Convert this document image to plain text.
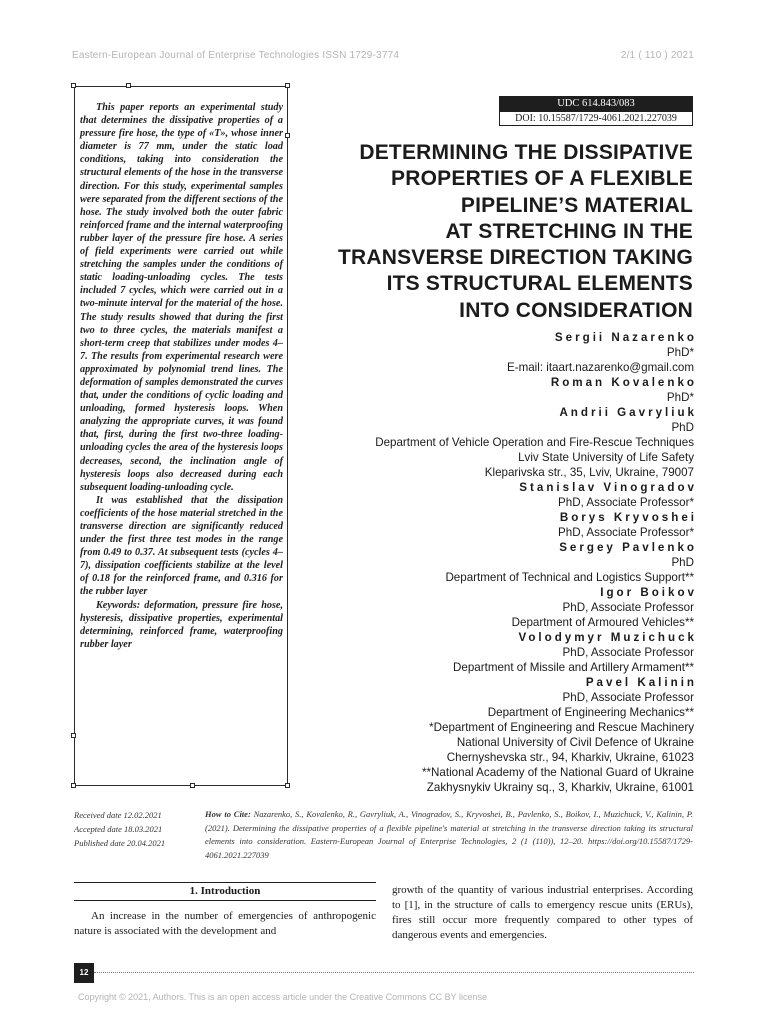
Eastern-European Journal of Enterprise Technologies ISSN 1729-3774	2/1 ( 110 ) 2021

This paper reports an experimental study that determines the dissipative properties of a pressure fire hose, the type of «T», whose inner diameter is 77 mm, under the static load conditions, taking into consideration the structural elements of the hose in the transverse direction. For this study, experimental samples were separated from the different sections of the hose. The study involved both the outer fabric reinforced frame and the internal waterproofing rubber layer of the pressure fire hose. A series of field experiments were carried out while stretching the samples under the conditions of static loading-unloading cycles. The tests included 7 cycles, which were carried out in a two-minute interval for the material of the hose. The study results showed that during the first two to three cycles, the materials manifest a short-term creep that stabilizes under modes 4–7. The results from experimental research were approximated by polynomial trend lines. The deformation of samples demonstrated the curves that, under the conditions of cyclic loading and unloading, formed hysteresis loops. When analyzing the appropriate curves, it was found that, first, during the first two-three loading-unloading cycles the area of the hysteresis loops decreases, second, the inclination angle of hysteresis loops also decreased during each subsequent loading-unloading cycle.

It was established that the dissipation coefficients of the hose material stretched in the transverse direction are significantly reduced under the first three test modes in the range from 0.49 to 0.37. At subsequent tests (cycles 4–7), dissipation coefficients stabilize at the level of 0.18 for the reinforced frame, and 0.316 for the rubber layer

Keywords: deformation, pressure fire hose, hysteresis, dissipative properties, experimental determining, reinforced frame, waterproofing rubber layer

UDC 614.843/083
DOI: 10.15587/1729-4061.2021.227039
DETERMINING THE DISSIPATIVE
PROPERTIES OF A FLEXIBLE
PIPELINE’S MATERIAL
AT STRETCHING IN THE
TRANSVERSE DIRECTION TAKING
ITS STRUCTURAL ELEMENTS
INTO CONSIDERATION
Sergii Nazarenko
PhD*
E-mail: itaart.nazarenko@gmail.com
Roman Kovalenko
PhD*
Andrii Gavryliuk
PhD
Department of Vehicle Operation and Fire-Rescue Techniques
Lviv State University of Life Safety
Kleparivska str., 35, Lviv, Ukraine, 79007
Stanislav Vinogradov
PhD, Associate Professor*
Borys Kryvoshei
PhD, Associate Professor*
Sergey Pavlenko
PhD
Department of Technical and Logistics Support**
Igor Boikov
PhD, Associate Professor
Department of Armoured Vehicles**
Volodymyr Muzichuck
PhD, Associate Professor
Department of Missile and Artillery Armament**
Pavel Kalinin
PhD, Associate Professor
Department of Engineering Mechanics**
*Department of Engineering and Rescue Machinery
National University of Civil Defence of Ukraine
Chernyshevska str., 94, Kharkiv, Ukraine, 61023
**National Academy of the National Guard of Ukraine
Zakhysnykiv Ukrainy sq., 3, Kharkiv, Ukraine, 61001
Received date 12.02.2021
Accepted date 18.03.2021
Published date 20.04.2021
How to Cite: Nazarenko, S., Kovalenko, R., Gavryliuk, A., Vinogradov, S., Kryvoshei, B., Pavlenko, S., Boikov, I., Muzichuck, V., Kalinin, P. (2021). Determining the dissipative properties of a flexible pipeline's material at stretching in the transverse direction taking its structural elements into consideration. Eastern-European Journal of Enterprise Technologies, 2 (1 (110)), 12–20. https://doi.org/10.15587/1729-4061.2021.227039
1. Introduction

An increase in the number of emergencies of anthropogenic nature is associated with the development and

growth of the quantity of various industrial enterprises. According to [1], in the structure of calls to emergency rescue units (ERUs), fires still occur more frequently compared to other types of dangerous events and emergencies.

12
Copyright © 2021, Authors. This is an open access article under the Creative Commons CC BY license
